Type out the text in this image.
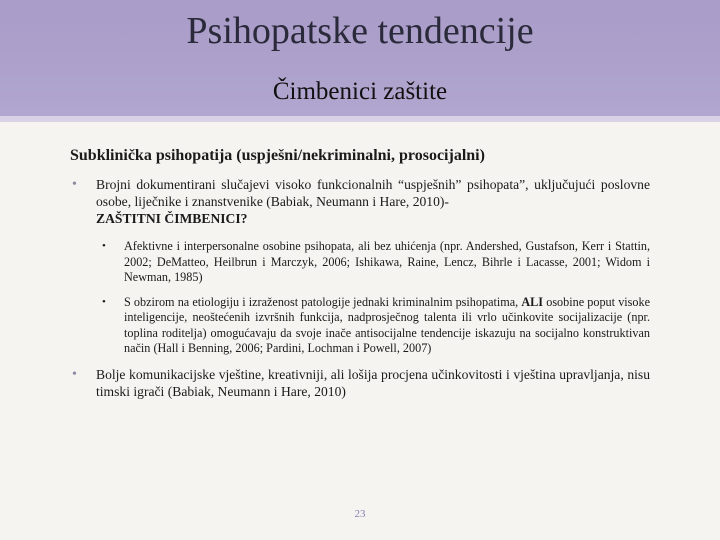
Psihopatske tendencije
Čimbenici zaštite
Subklinička psihopatija (uspješni/nekriminalni, prosocijalni)
• Brojni dokumentirani slučajevi visoko funkcionalnih “uspješnih” psihopata”, uključujući poslovne osobe, liječnike i znanstvenike (Babiak, Neumann i Hare, 2010)-
ZAŠTITNI ČIMBENICI?
• Afektivne i interpersonalne osobine psihopata, ali bez uhićenja (npr. Andershed, Gustafson, Kerr i Stattin, 2002; DeMatteo, Heilbrun i Marczyk, 2006; Ishikawa, Raine, Lencz, Bihrle i Lacasse, 2001; Widom i Newman, 1985)
• S obzirom na etiologiju i izraženost patologije jednaki kriminalnim psihopatima, ALI osobine poput visoke inteligencije, neoštećenih izvršnih funkcija, nadprosječnog talenta ili vrlo učinkovite socijalizacije (npr. toplina roditelja) omogućavaju da svoje inače antisocijalne tendencije iskazuju na socijalno konstruktivan način (Hall i Benning, 2006; Pardini, Lochman i Powell, 2007)
• Bolje komunikacijske vještine, kreativniji, ali lošija procjena učinkovitosti i vještina upravljanja, nisu timski igrači (Babiak, Neumann i Hare, 2010)
23
